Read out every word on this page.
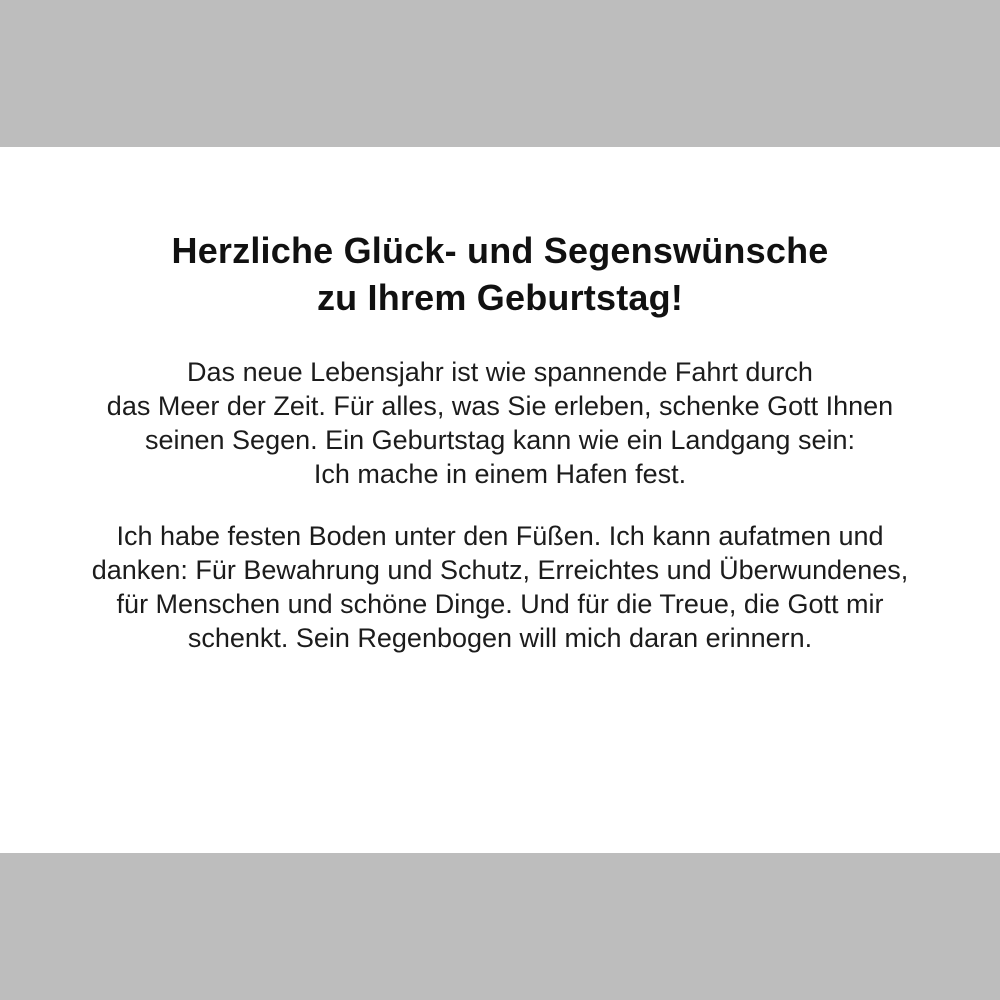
Herzliche Glück- und Segenswünsche
zu Ihrem Geburtstag!

Das neue Lebensjahr ist wie spannende Fahrt durch
das Meer der Zeit. Für alles, was Sie erleben, schenke Gott Ihnen
seinen Segen. Ein Geburtstag kann wie ein Landgang sein:
Ich mache in einem Hafen fest.

Ich habe festen Boden unter den Füßen. Ich kann aufatmen und
danken: Für Bewahrung und Schutz, Erreichtes und Überwundenes,
für Menschen und schöne Dinge. Und für die Treue, die Gott mir
schenkt. Sein Regenbogen will mich daran erinnern.
